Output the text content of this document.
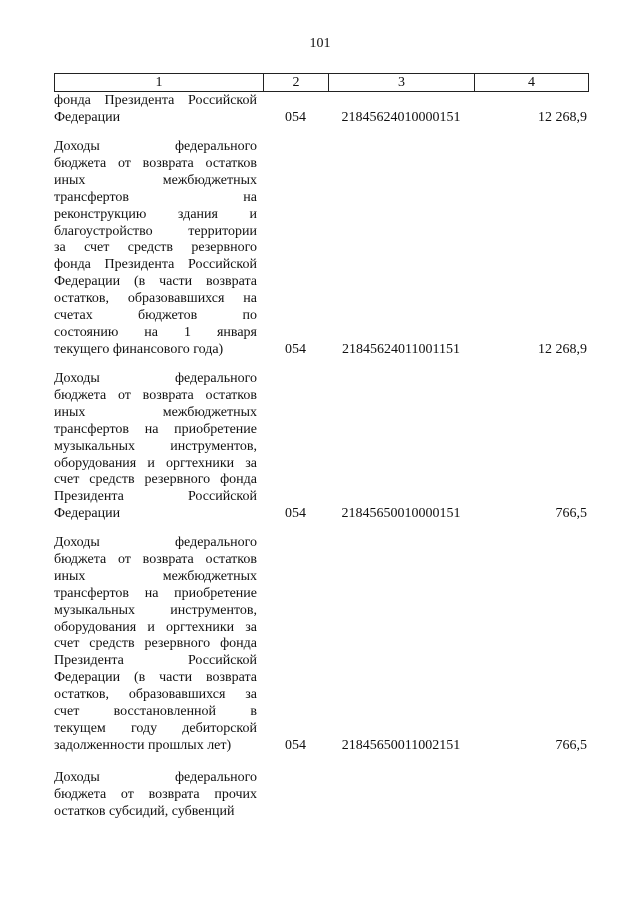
101
1	2	3	4
фонда Президента Российской
Федерации	054	21845624010000151	12 268,9
Доходы федерального
бюджета от возврата остатков
иных межбюджетных
трансфертов на
реконструкцию здания и
благоустройство территории
за счет средств резервного
фонда Президента Российской
Федерации (в части возврата
остатков, образовавшихся на
счетах бюджетов по
состоянию на 1 января
текущего финансового года)	054	21845624011001151	12 268,9
Доходы федерального
бюджета от возврата остатков
иных межбюджетных
трансфертов на приобретение
музыкальных инструментов,
оборудования и оргтехники за
счет средств резервного фонда
Президента Российской
Федерации	054	21845650010000151	766,5
Доходы федерального
бюджета от возврата остатков
иных межбюджетных
трансфертов на приобретение
музыкальных инструментов,
оборудования и оргтехники за
счет средств резервного фонда
Президента Российской
Федерации (в части возврата
остатков, образовавшихся за
счет восстановленной в
текущем году дебиторской
задолженности прошлых лет)	054	21845650011002151	766,5
Доходы федерального
бюджета от возврата прочих
остатков субсидий, субвенций
